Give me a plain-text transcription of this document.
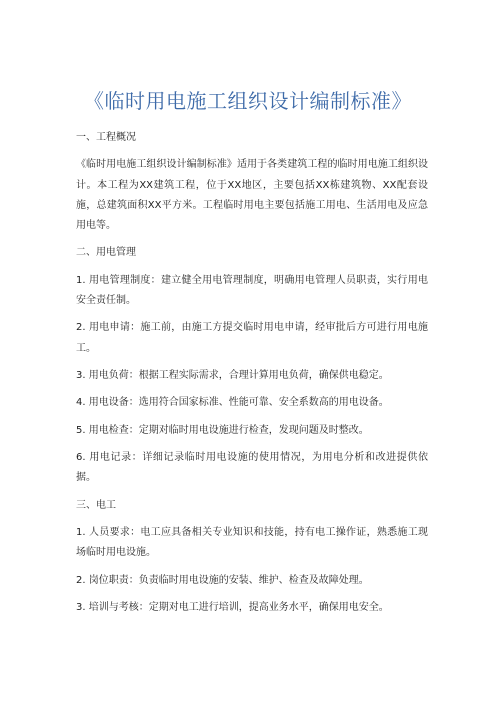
《临时用电施工组织设计编制标准》

一、工程概况

《临时用电施工组织设计编制标准》适用于各类建筑工程的临时用电施工组织设计。本工程为XX建筑工程，位于XX地区，主要包括XX栋建筑物、XX配套设施，总建筑面积XX平方米。工程临时用电主要包括施工用电、生活用电及应急用电等。

二、用电管理

1. 用电管理制度：建立健全用电管理制度，明确用电管理人员职责，实行用电安全责任制。

2. 用电申请：施工前，由施工方提交临时用电申请，经审批后方可进行用电施工。

3. 用电负荷：根据工程实际需求，合理计算用电负荷，确保供电稳定。

4. 用电设备：选用符合国家标准、性能可靠、安全系数高的用电设备。

5. 用电检查：定期对临时用电设施进行检查，发现问题及时整改。

6. 用电记录：详细记录临时用电设施的使用情况，为用电分析和改进提供依据。

三、电工

1. 人员要求：电工应具备相关专业知识和技能，持有电工操作证，熟悉施工现场临时用电设施。

2. 岗位职责：负责临时用电设施的安装、维护、检查及故障处理。

3. 培训与考核：定期对电工进行培训，提高业务水平，确保用电安全。
